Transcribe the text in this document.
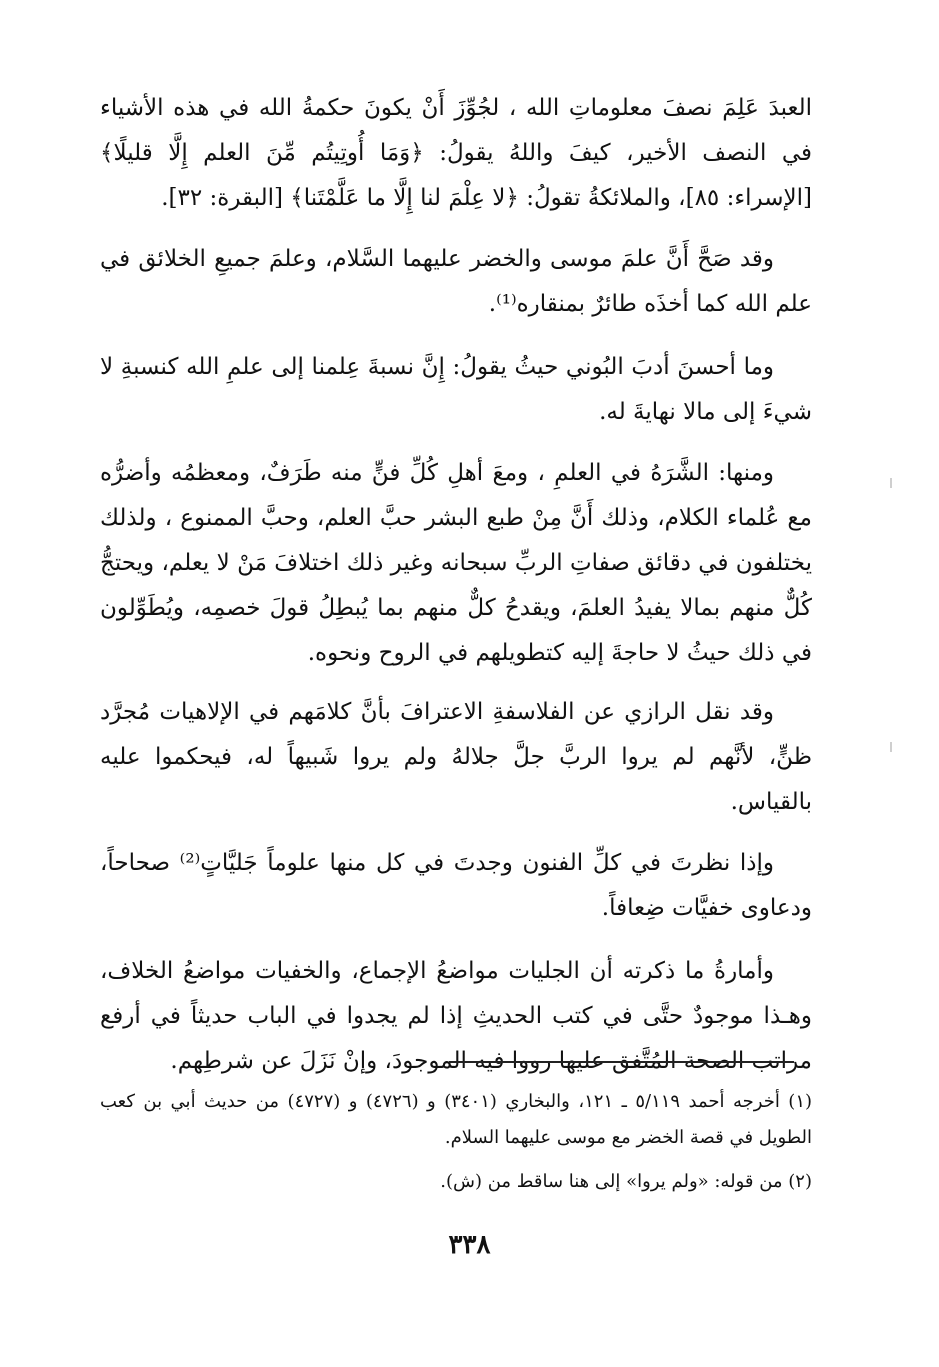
العبدَ عَلِمَ نصفَ معلوماتِ الله ، لجُوِّزَ أَنْ يكونَ حكمةُ الله في هذه الأشياء في النصف الأخير، كيفَ واللهُ يقولُ: ﴿وَمَا أُوتِيتُم مِّنَ العلم إِلَّا قليلًا﴾ [الإسراء: ٨٥]، والملائكةُ تقولُ: ﴿لا عِلْمَ لنا إِلَّا ما عَلَّمْتَنا﴾ [البقرة: ٣٢].

وقد صَحَّ أَنَّ علمَ موسى والخضر عليهما السَّلام، وعلمَ جميعِ الخلائق في علم الله كما أخذَه طائرٌ بمنقاره⁽¹⁾.

وما أحسنَ أدبَ البُوني حيثُ يقولُ: إِنَّ نسبةَ عِلمنا إلى علمِ الله كنسبةِ لا شيءَ إلى مالا نهايةَ له.

ومنها: الشَّرَهُ في العلمِ ، ومعَ أهلِ كُلِّ فنٍّ منه طَرَفٌ، ومعظمُه وأضرُّه مع عُلماء الكلام، وذلك أَنَّ مِنْ طبع البشر حبَّ العلم، وحبَّ الممنوع ، ولذلك يختلفون في دقائق صفاتِ الربِّ سبحانه وغير ذلك اختلافَ مَنْ لا يعلم، ويحتجُّ كُلٌّ منهم بمالا يفيدُ العلمَ، ويقدحُ كلٌّ منهم بما يُبطِلُ قولَ خصمِه، ويُطَوِّلون في ذلك حيثُ لا حاجةَ إليه كتطويلهم في الروح ونحوه.

وقد نقل الرازي عن الفلاسفةِ الاعترافَ بأنَّ كلامَهم في الإلاهيات مُجرَّد ظنٍّ، لأنَّهم لم يروا الربَّ جلَّ جلالهُ ولم يروا شَبيهاً له، فيحكموا عليه بالقياس.

وإذا نظرتَ في كلِّ الفنون وجدتَ في كل منها علوماً جَليَّاتٍ⁽²⁾ صحاحاً، ودعاوى خفيَّات ضِعافاً.

وأمارةُ ما ذكرته أن الجليات مواضعُ الإجماع، والخفيات مواضعُ الخلاف، وهـذا موجودٌ حتَّى في كتب الحديثِ إذا لم يجدوا في الباب حديثاً في أرفع مراتب الصحة المُتَّفق عليها رووا فيه الموجودَ، وإنْ نَزَلَ عن شرطِهم.

(١) أخرجه أحمد ٥/١١٩ ـ ١٢١، والبخاري (٣٤٠١) و (٤٧٢٦) و (٤٧٢٧) من حديث أبي بن كعب الطويل في قصة الخضر مع موسى عليهما السلام.

(٢) من قوله: «ولم يروا» إلى هنا ساقط من (ش).

٣٣٨
